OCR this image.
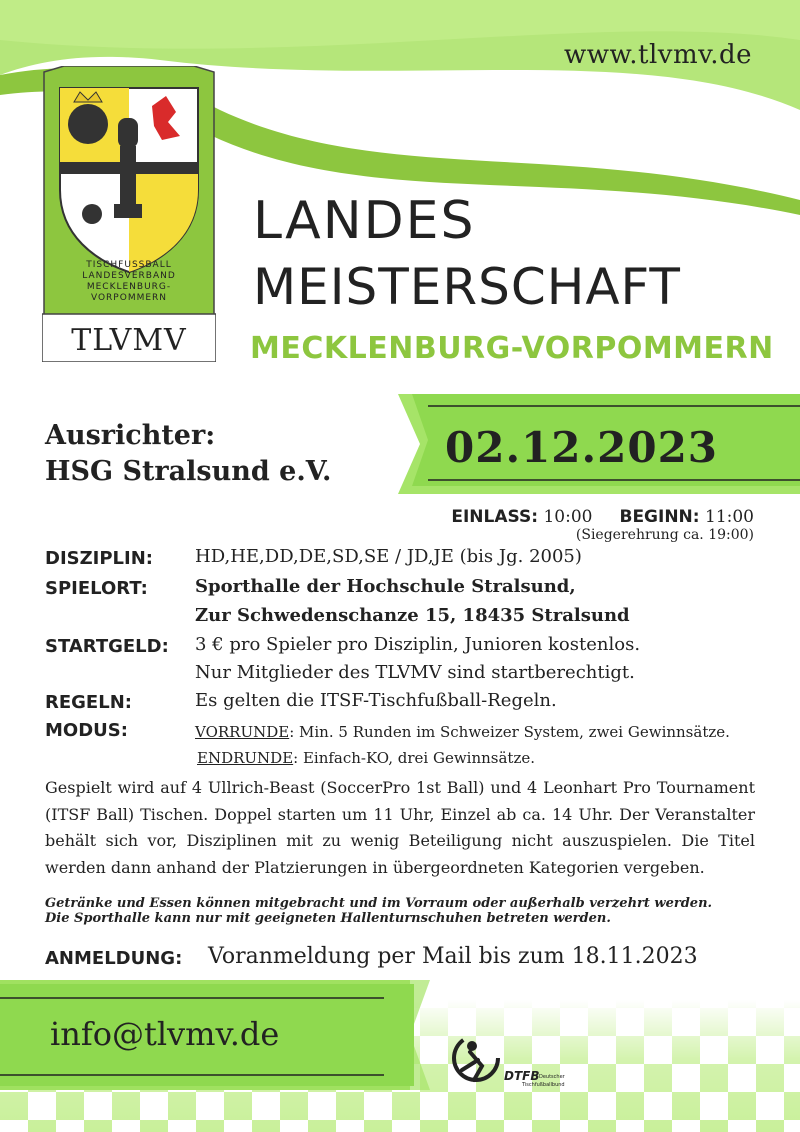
www.tlvmv.de
TISCHFUSSBALL
LANDESVERBAND
MECKLENBURG-
VORPOMMERN
TLVMV
LANDES
MEISTERSCHAFT
MECKLENBURG-VORPOMMERN
Ausrichter:
HSG Stralsund e.V.	02.12.2023
EINLASS: 10:00 BEGINN: 11:00
(Siegerehrung ca. 19:00)
DISZIPLIN: HD,HE,DD,DE,SD,SE / JD,JE (bis Jg. 2005)
SPIELORT:	Sporthalle der Hochschule Stralsund,
Zur Schwedenschanze 15, 18435 Stralsund
STARTGELD: 3 € pro Spieler pro Disziplin, Junioren kostenlos.
Nur Mitglieder des TLVMV sind startberechtigt.
REGELN:	Es gelten die ITSF-Tischfußball-Regeln.
MODUS:	VORRUNDE: Min. 5 Runden im Schweizer System, zwei Gewinnsätze.
ENDRUNDE: Einfach-KO, drei Gewinnsätze.
Gespielt wird auf 4 Ullrich-Beast (SoccerPro 1st Ball) und 4 Leonhart Pro Tournament (ITSF Ball) Tischen. Doppel starten um 11 Uhr, Einzel ab ca. 14 Uhr. Der Veranstalter behält sich vor, Disziplinen mit zu wenig Beteiligung nicht auszuspielen. Die Titel werden dann anhand der Platzierungen in übergeordneten Kategorien vergeben.
Getränke und Essen können mitgebracht und im Vorraum oder außerhalb verzehrt werden.
Die Sporthalle kann nur mit geeigneten Hallenturnschuhen betreten werden.
ANMELDUNG: Voranmeldung per Mail bis zum 18.11.2023
info@tlvmv.de
DTFB Deutscher
Tischfußballbund
